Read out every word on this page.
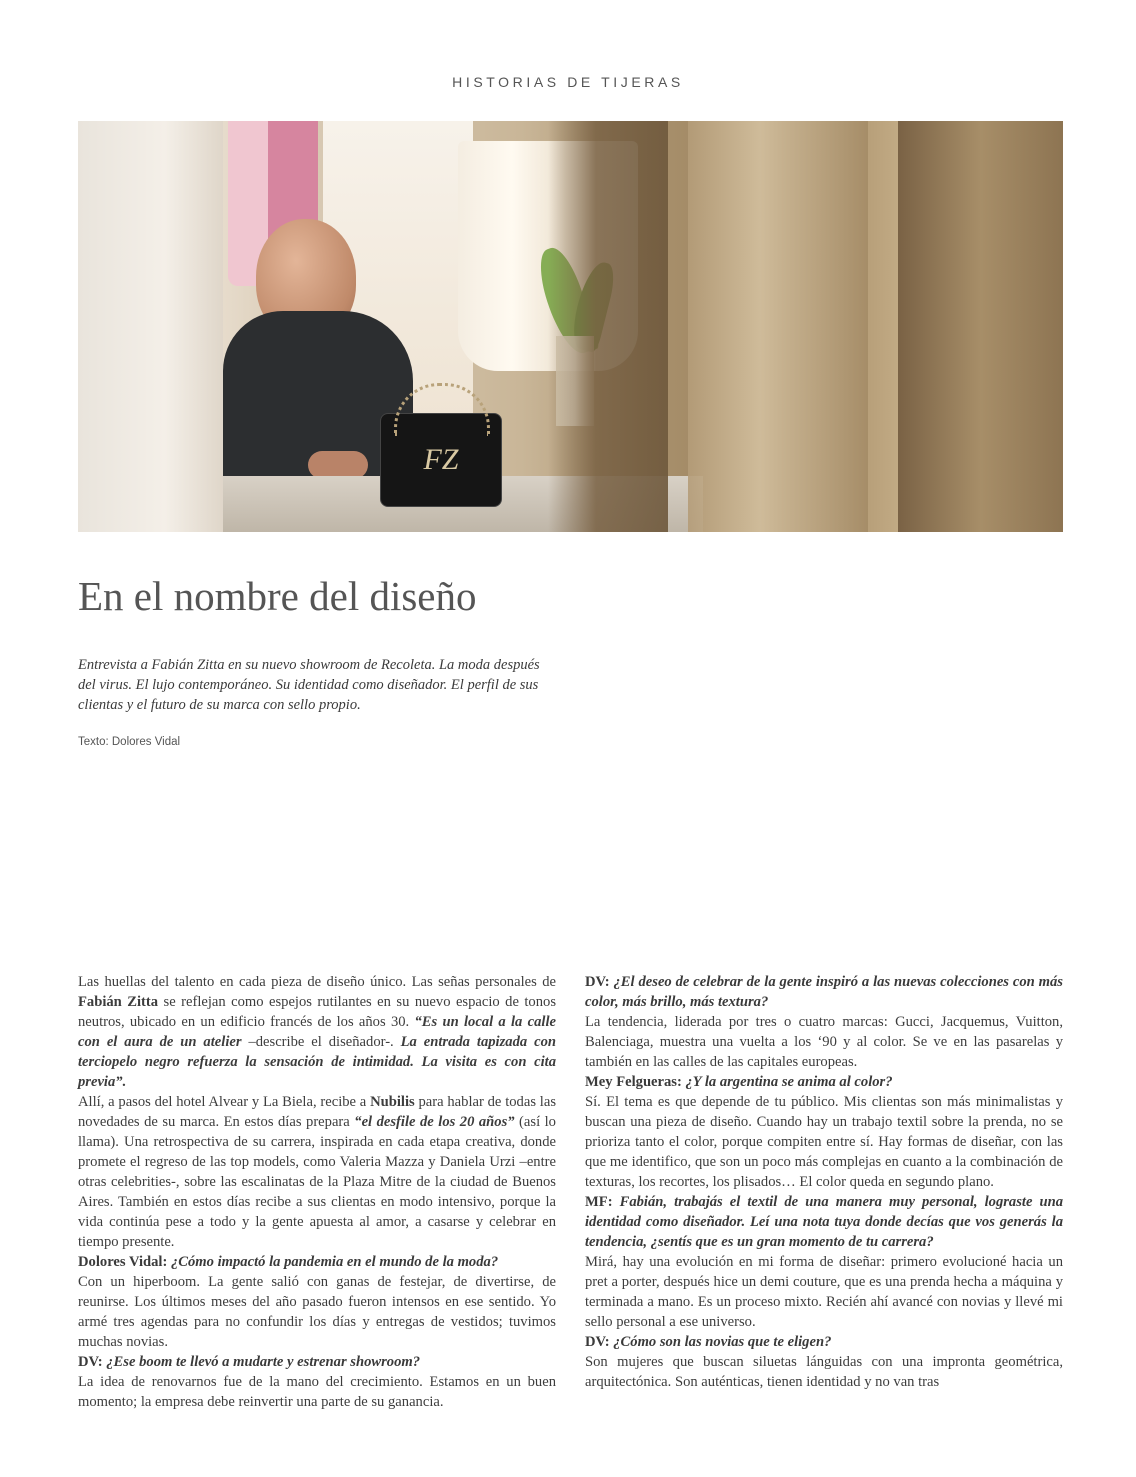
HISTORIAS DE TIJERAS
FZ
En el nombre del diseño
Entrevista a Fabián Zitta en su nuevo showroom de Recoleta. La moda después del virus. El lujo contemporáneo. Su identidad como diseñador. El perfil de sus clientas y el futuro de su marca con sello propio.
Texto: Dolores Vidal

Las huellas del talento en cada pieza de diseño único. Las señas personales de Fabián Zitta se reflejan como espejos rutilantes en su nuevo espacio de tonos neutros, ubicado en un edificio francés de los años 30. “Es un local a la calle con el aura de un atelier –describe el diseñador-. La entrada tapizada con terciopelo negro refuerza la sensación de intimidad. La visita es con cita previa”.

Allí, a pasos del hotel Alvear y La Biela, recibe a Nubilis para hablar de todas las novedades de su marca. En estos días prepara “el desfile de los 20 años” (así lo llama). Una retrospectiva de su carrera, inspirada en cada etapa creativa, donde promete el regreso de las top models, como Valeria Mazza y Daniela Urzi –entre otras celebrities-, sobre las escalinatas de la Plaza Mitre de la ciudad de Buenos Aires. También en estos días recibe a sus clientas en modo intensivo, porque la vida continúa pese a todo y la gente apuesta al amor, a casarse y celebrar en tiempo presente.

Dolores Vidal: ¿Cómo impactó la pandemia en el mundo de la moda?

Con un hiperboom. La gente salió con ganas de festejar, de divertirse, de reunirse. Los últimos meses del año pasado fueron intensos en ese sentido. Yo armé tres agendas para no confundir los días y entregas de vestidos; tuvimos muchas novias.

DV: ¿Ese boom te llevó a mudarte y estrenar showroom?

La idea de renovarnos fue de la mano del crecimiento. Estamos en un buen momento; la empresa debe reinvertir una parte de su ganancia.

DV: ¿El deseo de celebrar de la gente inspiró a las nuevas colecciones con más color, más brillo, más textura?

La tendencia, liderada por tres o cuatro marcas: Gucci, Jacquemus, Vuitton, Balenciaga, muestra una vuelta a los ‘90 y al color. Se ve en las pasarelas y también en las calles de las capitales europeas.

Mey Felgueras: ¿Y la argentina se anima al color?

Sí. El tema es que depende de tu público. Mis clientas son más minimalistas y buscan una pieza de diseño. Cuando hay un trabajo textil sobre la prenda, no se prioriza tanto el color, porque compiten entre sí. Hay formas de diseñar, con las que me identifico, que son un poco más complejas en cuanto a la combinación de texturas, los recortes, los plisados… El color queda en segundo plano.

MF: Fabián, trabajás el textil de una manera muy personal, lograste una identidad como diseñador. Leí una nota tuya donde decías que vos generás la tendencia, ¿sentís que es un gran momento de tu carrera?

Mirá, hay una evolución en mi forma de diseñar: primero evolucioné hacia un pret a porter, después hice un demi couture, que es una prenda hecha a máquina y terminada a mano. Es un proceso mixto. Recién ahí avancé con novias y llevé mi sello personal a ese universo.

DV: ¿Cómo son las novias que te eligen?

Son mujeres que buscan siluetas lánguidas con una impronta geométrica, arquitectónica. Son auténticas, tienen identidad y no van tras
